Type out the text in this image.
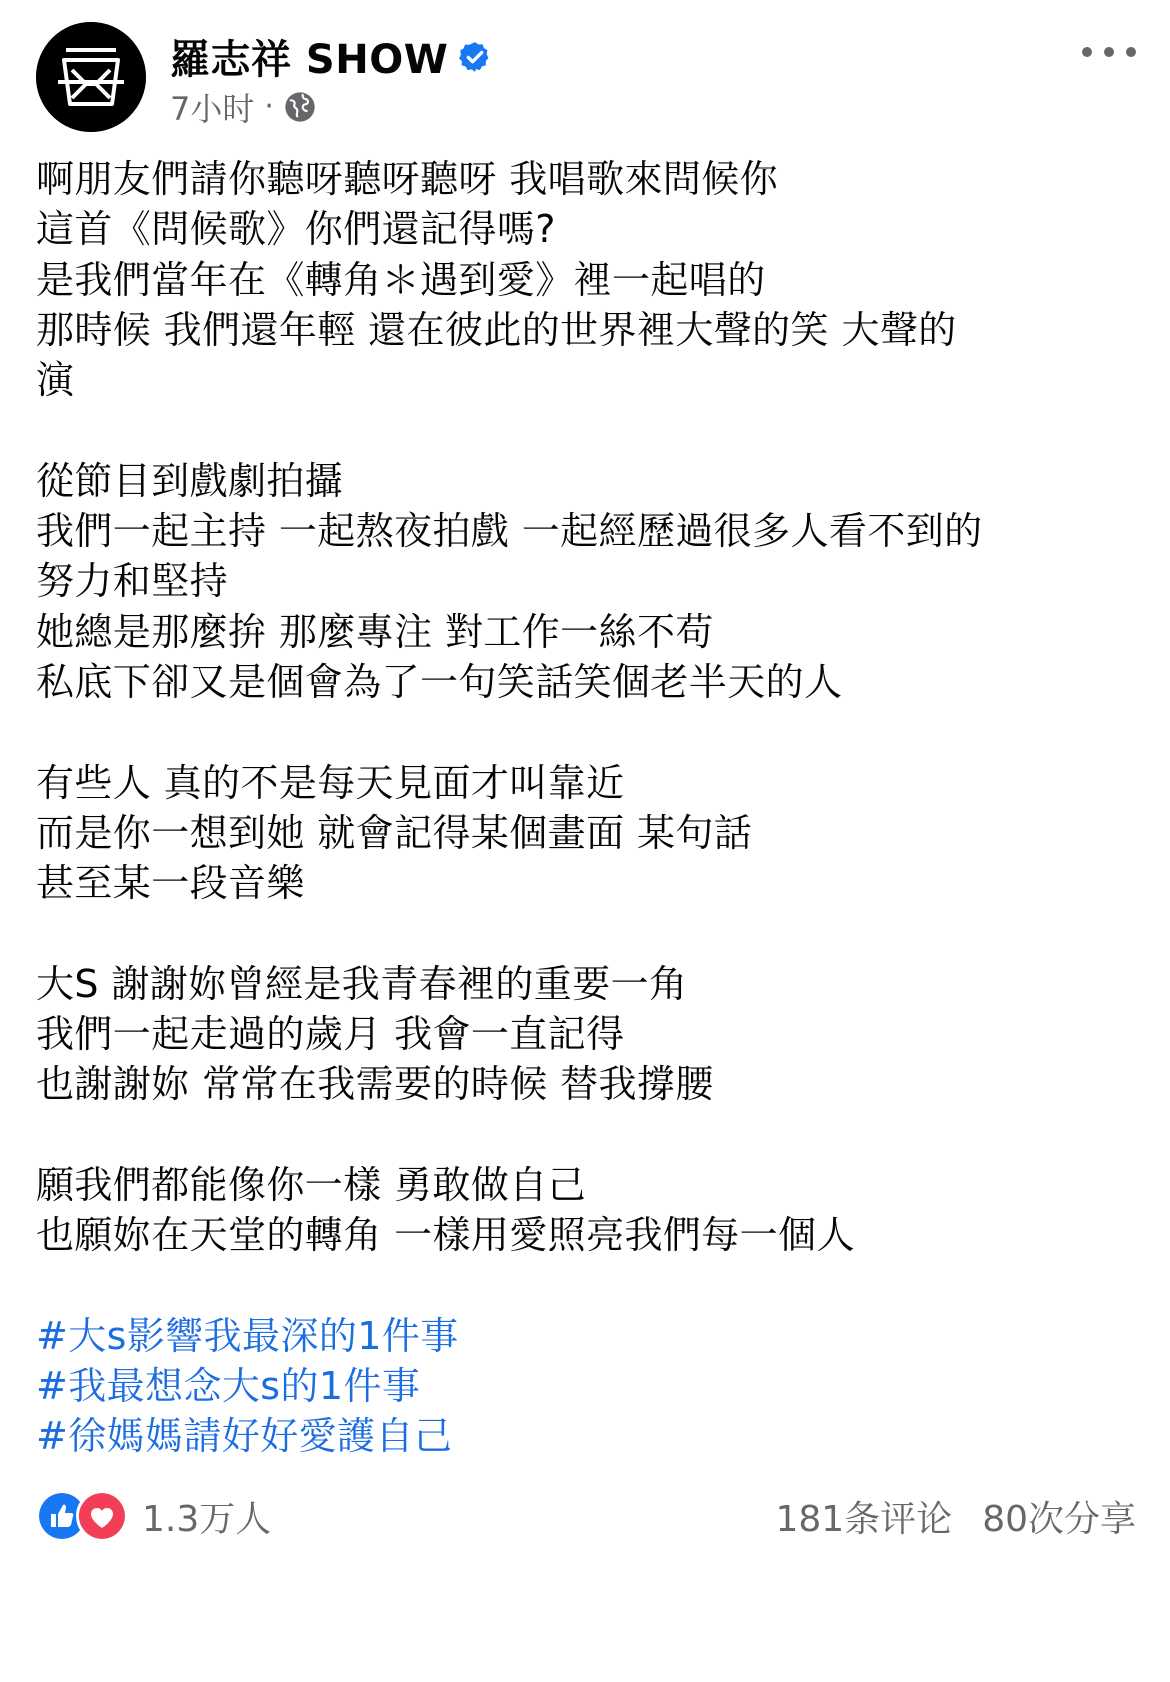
羅志祥 SHOW
7小时 ·
啊朋友們請你聽呀聽呀聽呀 我唱歌來問候你
這首《問候歌》你們還記得嗎?
是我們當年在《轉角＊遇到愛》裡一起唱的
那時候 我們還年輕 還在彼此的世界裡大聲的笑 大聲的
演
從節目到戲劇拍攝
我們一起主持 一起熬夜拍戲 一起經歷過很多人看不到的
努力和堅持
她總是那麼拚 那麼專注 對工作一絲不苟
私底下卻又是個會為了一句笑話笑個老半天的人
有些人 真的不是每天見面才叫靠近
而是你一想到她 就會記得某個畫面 某句話
甚至某一段音樂
大S 謝謝妳曾經是我青春裡的重要一角
我們一起走過的歲月 我會一直記得
也謝謝妳 常常在我需要的時候 替我撐腰
願我們都能像你一樣 勇敢做自己
也願妳在天堂的轉角 一樣用愛照亮我們每一個人
#大s影響我最深的1件事
#我最想念大s的1件事
#徐媽媽請好好愛護自己
1.3万人	181条评论 80次分享
